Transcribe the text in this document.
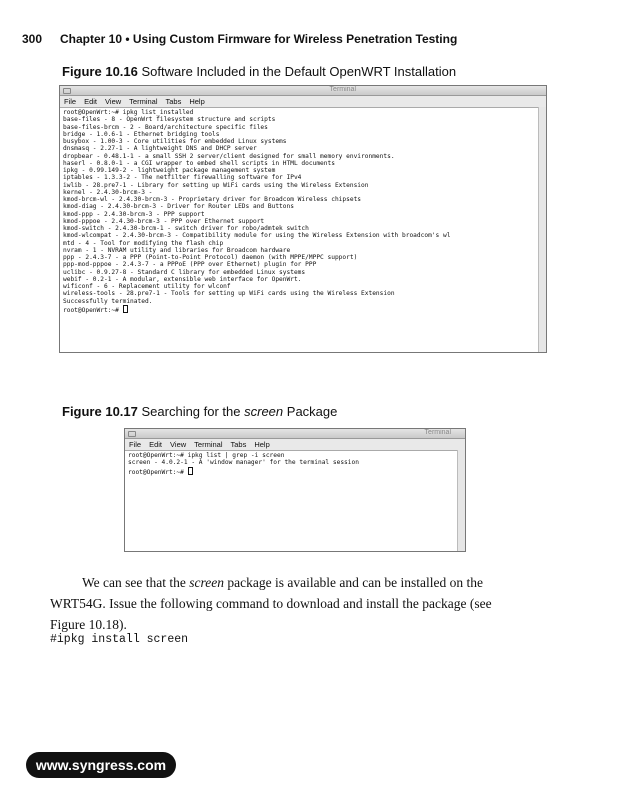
300 Chapter 10 • Using Custom Firmware for Wireless Penetration Testing
Figure 10.16 Software Included in the Default OpenWRT Installation
Terminal
File Edit View Terminal Tabs Help
root@OpenWrt:~# ipkg list_installed
base-files - 8 - OpenWrt filesystem structure and scripts
base-files-brcm - 2 - Board/architecture specific files
bridge - 1.0.6-1 - Ethernet bridging tools
busybox - 1.00-3 - Core utilities for embedded Linux systems
dnsmasq - 2.27-1 - A lightweight DNS and DHCP server
dropbear - 0.48.1-1 - a small SSH 2 server/client designed for small memory environments.
haserl - 0.8.0-1 - a CGI wrapper to embed shell scripts in HTML documents
ipkg - 0.99.149-2 - lightweight package management system
iptables - 1.3.3-2 - The netfilter firewalling software for IPv4
iwlib - 28.pre7-1 - Library for setting up WiFi cards using the Wireless Extension
kernel - 2.4.30-brcm-3 -
kmod-brcm-wl - 2.4.30-brcm-3 - Proprietary driver for Broadcom Wireless chipsets
kmod-diag - 2.4.30-brcm-3 - Driver for Router LEDs and Buttons
kmod-ppp - 2.4.30-brcm-3 - PPP support
kmod-pppoe - 2.4.30-brcm-3 - PPP over Ethernet support
kmod-switch - 2.4.30-brcm-1 - switch driver for robo/admtek switch
kmod-wlcompat - 2.4.30-brcm-3 - Compatibility module for using the Wireless Extension with broadcom's wl
mtd - 4 - Tool for modifying the flash chip
nvram - 1 - NVRAM utility and libraries for Broadcom hardware
ppp - 2.4.3-7 - a PPP (Point-to-Point Protocol) daemon (with MPPE/MPPC support)
ppp-mod-pppoe - 2.4.3-7 - a PPPoE (PPP over Ethernet) plugin for PPP
uclibc - 0.9.27-8 - Standard C library for embedded Linux systems
webif - 0.2-1 - A modular, extensible web interface for OpenWrt.
wificonf - 6 - Replacement utility for wlconf
wireless-tools - 28.pre7-1 - Tools for setting up WiFi cards using the Wireless Extension
Successfully terminated.
root@OpenWrt:~#
Figure 10.17 Searching for the screen Package
Terminal
File Edit View Terminal Tabs Help
root@OpenWrt:~# ipkg list | grep -i screen
screen - 4.0.2-1 - A 'window manager' for the terminal session
root@OpenWrt:~#
We can see that the screen package is available and can be installed on the
WRT54G. Issue the following command to download and install the package (see
Figure 10.18).
#ipkg install screen
www.syngress.com
